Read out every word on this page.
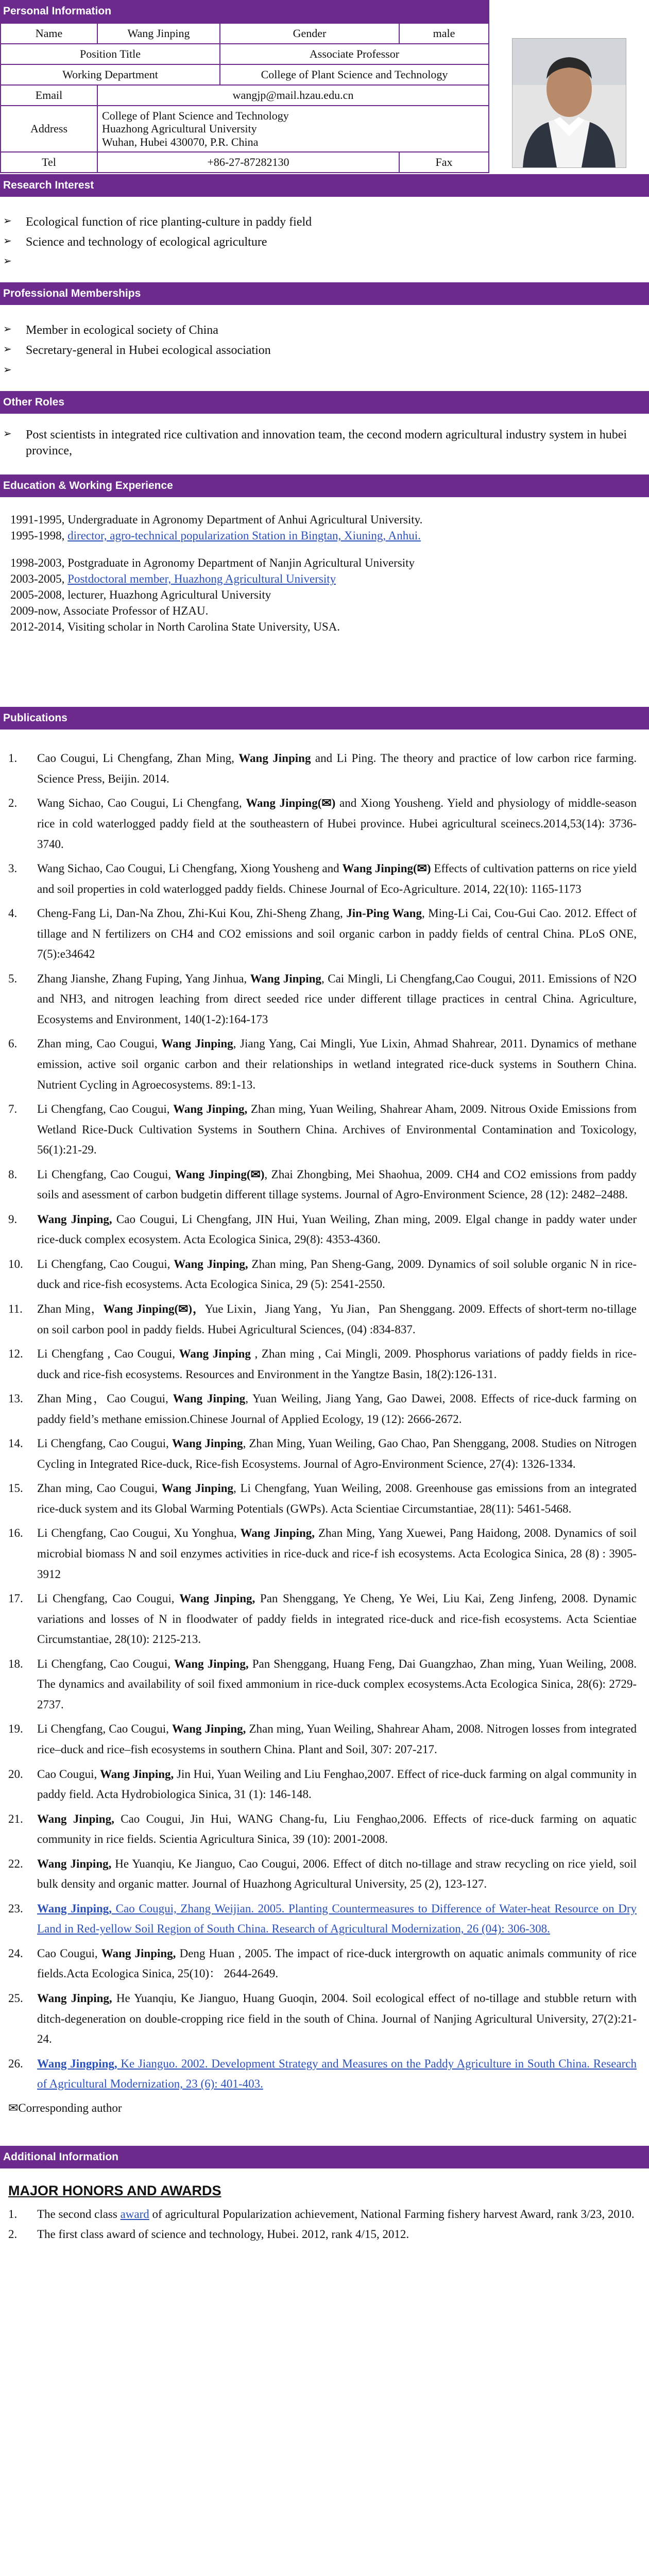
Personal Information
Name	Wang Jinping	Gender	male
Position Title		Associate Professor	
Working Department		College of Plant Science and Technology	
Email	wangjp@mail.hzau.edu.cn		
Address	College of Plant Science and Technology
Huazhong Agricultural University
Wuhan, Hubei 430070, P.R. China		

Tel	+86-27-87282130		Fax
Research Interest
➢ Ecological function of rice planting-culture in paddy field
➢ Science and technology of ecological agriculture
➢
Professional Memberships
➢ Member in ecological society of China
➢ Secretary-general in Hubei ecological association
➢
Other Roles
➢ Post scientists in integrated rice cultivation and innovation team, the cecond modern agricultural industry system in hubei province,
Education & Working Experience
1991-1995, Undergraduate in Agronomy Department of Anhui Agricultural University.
1995-1998, director, agro-technical popularization Station in Bingtan, Xiuning, Anhui.
1998-2003, Postgraduate in Agronomy Department of Nanjin Agricultural University
2003-2005, Postdoctoral member, Huazhong Agricultural University
2005-2008, lecturer, Huazhong Agricultural University
2009-now, Associate Professor of HZAU.
2012-2014, Visiting scholar in North Carolina State University, USA.
Publications
1.	Cao Cougui, Li Chengfang, Zhan Ming, Wang Jinping and Li Ping. The theory and practice of low carbon rice farming. Science Press, Beijin. 2014.
2.	Wang Sichao, Cao Cougui, Li Chengfang, Wang Jinping(✉) and Xiong Yousheng. Yield and physiology of middle-season rice in cold waterlogged paddy field at the southeastern of Hubei province. Hubei agricultural sceinecs.2014,53(14): 3736-3740.
3.	Wang Sichao, Cao Cougui, Li Chengfang, Xiong Yousheng and Wang Jinping(✉) Effects of cultivation patterns on rice yield and soil properties in cold waterlogged paddy fields. Chinese Journal of Eco-Agriculture. 2014, 22(10): 1165-1173
4.	Cheng-Fang Li, Dan-Na Zhou, Zhi-Kui Kou, Zhi-Sheng Zhang, Jin-Ping Wang, Ming-Li Cai, Cou-Gui Cao. 2012. Effect of tillage and N fertilizers on CH4 and CO2 emissions and soil organic carbon in paddy fields of central China. PLoS ONE, 7(5):e34642
5.	Zhang Jianshe, Zhang Fuping, Yang Jinhua, Wang Jinping, Cai Mingli, Li Chengfang,Cao Cougui, 2011. Emissions of N2O and NH3, and nitrogen leaching from direct seeded rice under different tillage practices in central China. Agriculture, Ecosystems and Environment, 140(1-2):164-173
6.	Zhan ming, Cao Cougui, Wang Jinping, Jiang Yang, Cai Mingli, Yue Lixin, Ahmad Shahrear, 2011. Dynamics of methane emission, active soil organic carbon and their relationships in wetland integrated rice-duck systems in Southern China. Nutrient Cycling in Agroecosystems. 89:1-13.
7.	Li Chengfang, Cao Cougui, Wang Jinping, Zhan ming, Yuan Weiling, Shahrear Aham, 2009. Nitrous Oxide Emissions from Wetland Rice-Duck Cultivation Systems in Southern China. Archives of Environmental Contamination and Toxicology, 56(1):21-29.
8.	Li Chengfang, Cao Cougui, Wang Jinping(✉), Zhai Zhongbing, Mei Shaohua, 2009. CH4 and CO2 emissions from paddy soils and asessment of carbon budgetin different tillage systems. Journal of Agro-Environment Science, 28 (12): 2482–2488.
9.	Wang Jinping, Cao Cougui, Li Chengfang, JIN Hui, Yuan Weiling, Zhan ming, 2009. Elgal change in paddy water under rice-duck complex ecosystem. Acta Ecologica Sinica, 29(8): 4353-4360.
10.	Li Chengfang, Cao Cougui, Wang Jinping, Zhan ming, Pan Sheng-Gang, 2009. Dynamics of soil soluble organic N in rice-duck and rice-fish ecosystems. Acta Ecologica Sinica, 29 (5): 2541-2550.
11.	Zhan Ming，Wang Jinping(✉)，Yue Lixin，Jiang Yang，Yu Jian，Pan Shenggang. 2009. Effects of short-term no-tillage on soil carbon pool in paddy fields. Hubei Agricultural Sciences, (04) :834-837.
12.	Li Chengfang , Cao Cougui, Wang Jinping , Zhan ming , Cai Mingli, 2009. Phosphorus variations of paddy fields in rice-duck and rice-fish ecosystems. Resources and Environment in the Yangtze Basin, 18(2):126-131.
13.	Zhan Ming，Cao Cougui, Wang Jinping, Yuan Weiling, Jiang Yang, Gao Dawei, 2008. Effects of rice-duck farming on paddy field’s methane emission.Chinese Journal of Applied Ecology, 19 (12): 2666-2672.
14.	Li Chengfang, Cao Cougui, Wang Jinping, Zhan Ming, Yuan Weiling, Gao Chao, Pan Shenggang, 2008. Studies on Nitrogen Cycling in Integrated Rice-duck, Rice-fish Ecosystems. Journal of Agro-Environment Science, 27(4): 1326-1334.
15.	Zhan ming, Cao Cougui, Wang Jinping, Li Chengfang, Yuan Weiling, 2008. Greenhouse gas emissions from an integrated rice-duck system and its Global Warming Potentials (GWPs). Acta Scientiae Circumstantiae, 28(11): 5461-5468.
16.	Li Chengfang, Cao Cougui, Xu Yonghua, Wang Jinping, Zhan Ming, Yang Xuewei, Pang Haidong, 2008. Dynamics of soil microbial biomass N and soil enzymes activities in rice-duck and rice-f ish ecosystems. Acta Ecologica Sinica, 28 (8) : 3905-3912
17.	Li Chengfang, Cao Cougui, Wang Jinping, Pan Shenggang, Ye Cheng, Ye Wei, Liu Kai, Zeng Jinfeng, 2008. Dynamic variations and losses of N in floodwater of paddy fields in integrated rice-duck and rice-fish ecosystems. Acta Scientiae Circumstantiae, 28(10): 2125-213.
18.	Li Chengfang, Cao Cougui, Wang Jinping, Pan Shenggang, Huang Feng, Dai Guangzhao, Zhan ming, Yuan Weiling, 2008. The dynamics and availability of soil fixed ammonium in rice-duck complex ecosystems.Acta Ecologica Sinica, 28(6): 2729-2737.
19.	Li Chengfang, Cao Cougui, Wang Jinping, Zhan ming, Yuan Weiling, Shahrear Aham, 2008. Nitrogen losses from integrated rice–duck and rice–fish ecosystems in southern China. Plant and Soil, 307: 207-217.
20.	Cao Cougui, Wang Jinping, Jin Hui, Yuan Weiling and Liu Fenghao,2007. Effect of rice-duck farming on algal community in paddy field. Acta Hydrobiologica Sinica, 31 (1): 146-148.
21.	Wang Jinping, Cao Cougui, Jin Hui, WANG Chang-fu, Liu Fenghao,2006. Effects of rice-duck farming on aquatic community in rice fields. Scientia Agricultura Sinica, 39 (10): 2001-2008.
22.	Wang Jinping, He Yuanqiu, Ke Jianguo, Cao Cougui, 2006. Effect of ditch no-tillage and straw recycling on rice yield, soil bulk density and organic matter. Journal of Huazhong Agricultural University, 25 (2), 123-127.
23.	Wang Jinping, Cao Cougui, Zhang Weijian. 2005. Planting Countermeasures to Difference of Water-heat Resource on Dry Land in Red-yellow Soil Region of South China. Research of Agricultural Modernization, 26 (04): 306-308.
24.	Cao Cougui, Wang Jinping, Deng Huan , 2005. The impact of rice-duck intergrowth on aquatic animals community of rice fields.Acta Ecologica Sinica, 25(10)： 2644-2649.
25.	Wang Jinping, He Yuanqiu, Ke Jianguo, Huang Guoqin, 2004. Soil ecological effect of no-tillage and stubble return with ditch-degeneration on double-cropping rice field in the south of China. Journal of Nanjing Agricultural University, 27(2):21-24.
26.	Wang Jingping, Ke Jianguo. 2002. Development Strategy and Measures on the Paddy Agriculture in South China. Research of Agricultural Modernization, 23 (6): 401-403.
✉Corresponding author
Additional Information
MAJOR HONORS AND AWARDS
1.	The second class award of agricultural Popularization achievement, National Farming fishery harvest Award, rank 3/23, 2010.
2.	The first class award of science and technology, Hubei. 2012, rank 4/15, 2012.
